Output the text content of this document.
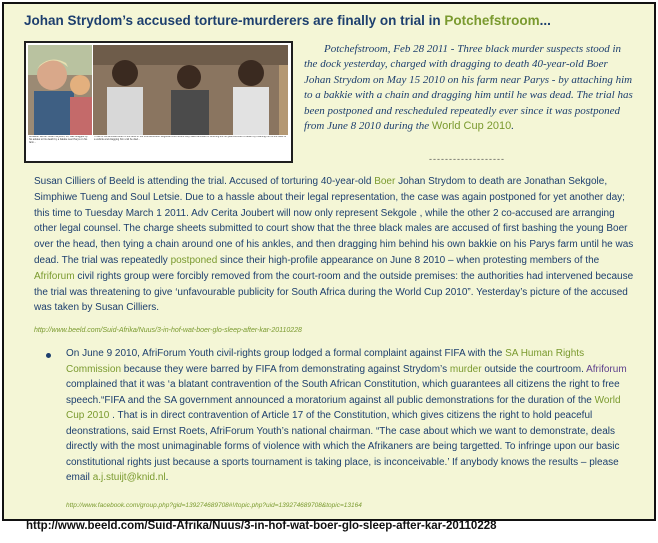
Johan Strydom’s accused torture-murderers are finally on trial in Potchefstroom...
Afrikaner farmer Johan Strydom, 40, was dragged by his ankles to his death by a bakkie near Parys on his farm...
Three of the accused seen in the dock in the Potchefstroom Regional court where they stand accused of torturing the 40-year-old Boer to death by chaining him to the back of a vehicle and dragging him until he died...
Potchefstroom, Feb 28 2011 - Three black murder suspects stood in the dock yesterday, charged with dragging to death 40-year-old Boer Johan Strydom on May 15 2010 on his farm near Parys - by attaching him to a bakkie with a chain and dragging him until he was dead. The trial has been postponed and rescheduled repeatedly ever since it was postponed from June 8 2010 during the World Cup 2010.
-------------------
Susan Cilliers of Beeld is attending the trial. Accused of torturing 40-year-old Boer Johan Strydom to death are Jonathan Sekgole, Simphiwe Tueng and Soul Letsie. Due to a hassle about their legal representation, the case was again postponed for yet another day; this time to Tuesday March 1 2011. Adv Cerita Joubert will now only represent Sekgole , while the other 2 co-accused are arranging other legal counsel. The charge sheets submitted to court show that the three black males are accused of first bashing the young Boer over the head, then tying a chain around one of his ankles, and then dragging him behind his own bakkie on his Parys farm until he was dead. The trial was repeatedly postponed since their high-profile appearance on June 8 2010 – when protesting members of the Afriforum civil rights group were forcibly removed from the court-room and the outside premises: the authorities had intervened because the trial was threatening to give ‘unfavourable publicity for South Africa during the World Cup 2010”. Yesterday’s picture of the accused was taken by Susan Cilliers.
http://www.beeld.com/Suid-Afrika/Nuus/3-in-hof-wat-boer-glo-sleep-after-kar-20110228
On June 9 2010, AfriForum Youth civil-rights group lodged a formal complaint against FIFA with the SA Human Rights Commission because they were barred by FIFA from demonstrating against Strydom’s murder outside the courtroom. Afriforum complained that it was ‘a blatant contravention of the South African Constitution, which guarantees all citizens the right to free speech.“FIFA and the SA government announced a moratorium against all public demonstrations for the duration of the World Cup 2010 . That is in direct contravention of Article 17 of the Constitution, which gives citizens the right to hold peaceful deonstrations, said Ernst Roets, AfriForum Youth’s national chairman. “The case about which we want to demonstrate, deals directly with the most unimaginable forms of violence with which the Afrikaners are being targetted. To infringe upon our basic constitutional rights just because a sports tournament is taking place, is inconceivable.’ If anybody knows the results – please email a.j.stuijt@knid.nl.
http://www.facebook.com/group.php?gid=139274689708#!/topic.php?uid=139274689708&topic=13164
http://www.beeld.com/Suid-Afrika/Nuus/3-in-hof-wat-boer-glo-sleep-after-kar-20110228
